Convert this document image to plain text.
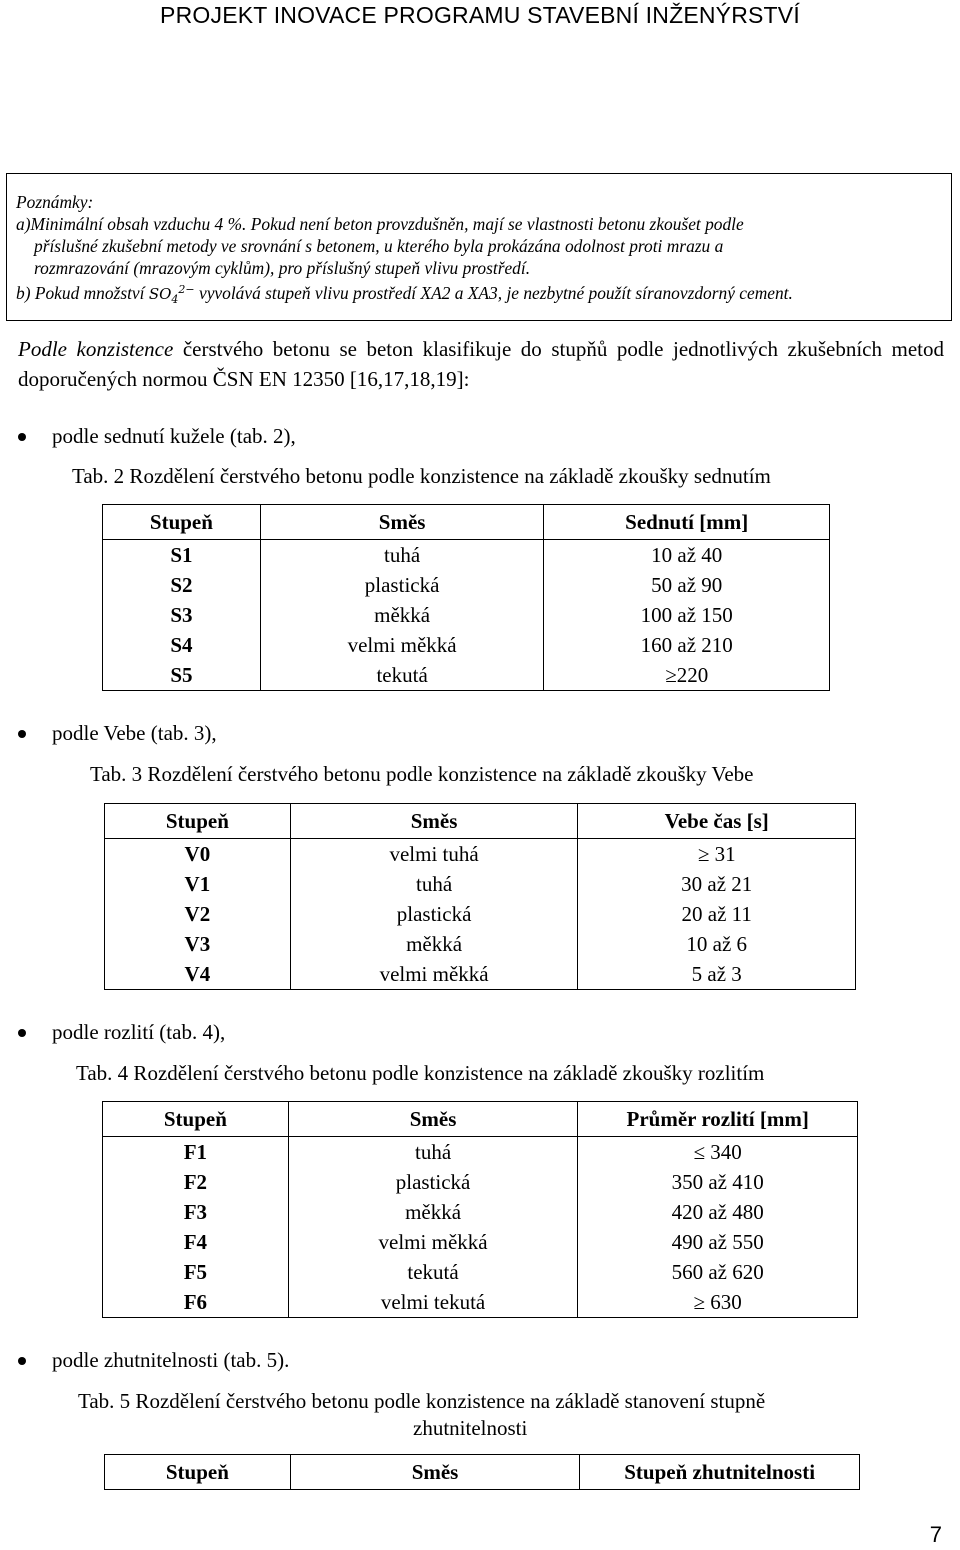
PROJEKT INOVACE PROGRAMU STAVEBNÍ INŽENÝRSTVÍ
Poznámky:
a)Minimální obsah vzduchu 4 %. Pokud není beton provzdušněn, mají se vlastnosti betonu zkoušet podle
příslušné zkušební metody ve srovnání s betonem, u kterého byla prokázána odolnost proti mrazu a
rozmrazování (mrazovým cyklům), pro příslušný stupeň vlivu prostředí.
b) Pokud množství $SO_4^{2-}$ vyvolává stupeň vlivu prostředí XA2 a XA3, je nezbytné použít síranovzdorný cement.
Podle konzistence čerstvého betonu se beton klasifikuje do stupňů podle jednotlivých zkušebních metod doporučených normou ČSN EN 12350 [16,17,18,19]:
podle sednutí kužele (tab. 2),
Tab. 2 Rozdělení čerstvého betonu podle konzistence na základě zkoušky sednutím
Stupeň	Směs	Sednutí [mm]
S1	tuhá	10 až 40
S2	plastická	50 až 90
S3	měkká	100 až 150
S4	velmi měkká	160 až 210
S5	tekutá	≥220
podle Vebe (tab. 3),
Tab. 3 Rozdělení čerstvého betonu podle konzistence na základě zkoušky Vebe
Stupeň	Směs	Vebe čas [s]
V0	velmi tuhá	≥ 31
V1	tuhá	30 až 21
V2	plastická	20 až 11
V3	měkká	10 až 6
V4	velmi měkká	5 až 3
podle rozlití (tab. 4),
Tab. 4 Rozdělení čerstvého betonu podle konzistence na základě zkoušky rozlitím
Stupeň	Směs	Průměr rozlití [mm]
F1	tuhá	≤ 340
F2	plastická	350 až 410
F3	měkká	420 až 480
F4	velmi měkká	490 až 550
F5	tekutá	560 až 620
F6	velmi tekutá	≥ 630
podle zhutnitelnosti (tab. 5).
Tab. 5 Rozdělení čerstvého betonu podle konzistence na základě stanovení stupně
zhutnitelnosti
Stupeň	Směs	Stupeň zhutnitelnosti
7
